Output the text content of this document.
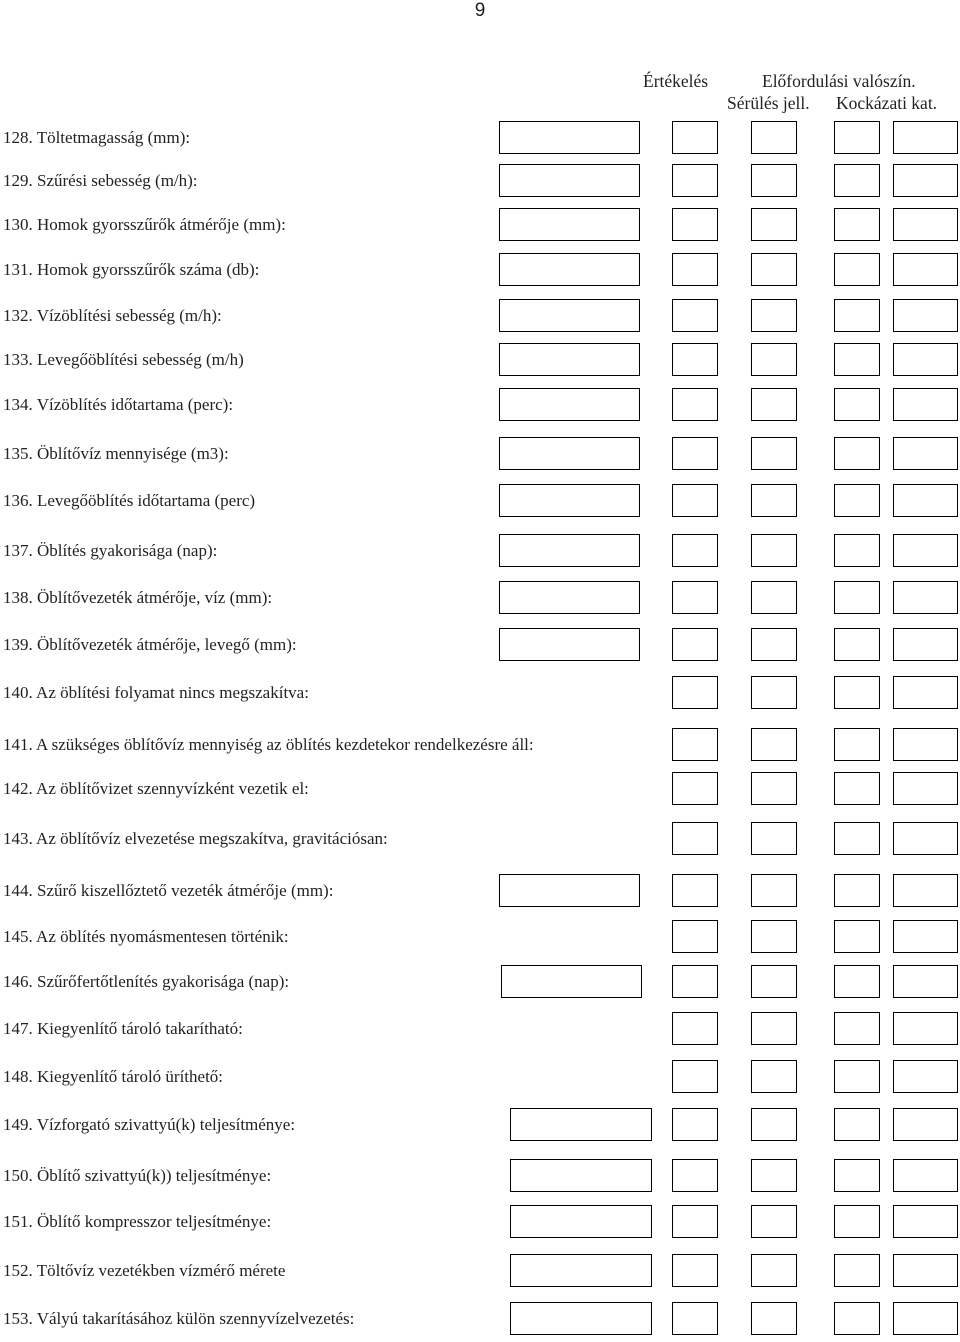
9
Értékelés	Előfordulási valószín.
Sérülés jell. Kockázati kat.
128. Töltetmagasság (mm):
129. Szűrési sebesség (m/h):
130. Homok gyorsszűrők átmérője (mm):
131. Homok gyorsszűrők száma (db):
132. Vízöblítési sebesség (m/h):
133. Levegőöblítési sebesség (m/h)
134. Vízöblítés időtartama (perc):
135. Öblítővíz mennyisége (m3):
136. Levegőöblítés időtartama (perc)
137. Öblítés gyakorisága (nap):
138. Öblítővezeték átmérője, víz (mm):
139. Öblítővezeték átmérője, levegő (mm):
140. Az öblítési folyamat nincs megszakítva:
141. A szükséges öblítővíz mennyiség az öblítés kezdetekor rendelkezésre áll:
142. Az öblítővizet szennyvízként vezetik el:
143. Az öblítővíz elvezetése megszakítva, gravitációsan:
144. Szűrő kiszellőztető vezeték átmérője (mm):
145. Az öblítés nyomásmentesen történik:
146. Szűrőfertőtlenítés gyakorisága (nap):
147. Kiegyenlítő tároló takarítható:
148. Kiegyenlítő tároló üríthető:
149. Vízforgató szivattyú(k) teljesítménye:
150. Öblítő szivattyú(k)) teljesítménye:
151. Öblítő kompresszor teljesítménye:
152. Töltővíz vezetékben vízmérő mérete
153. Vályú takarításához külön szennyvízelvezetés:
